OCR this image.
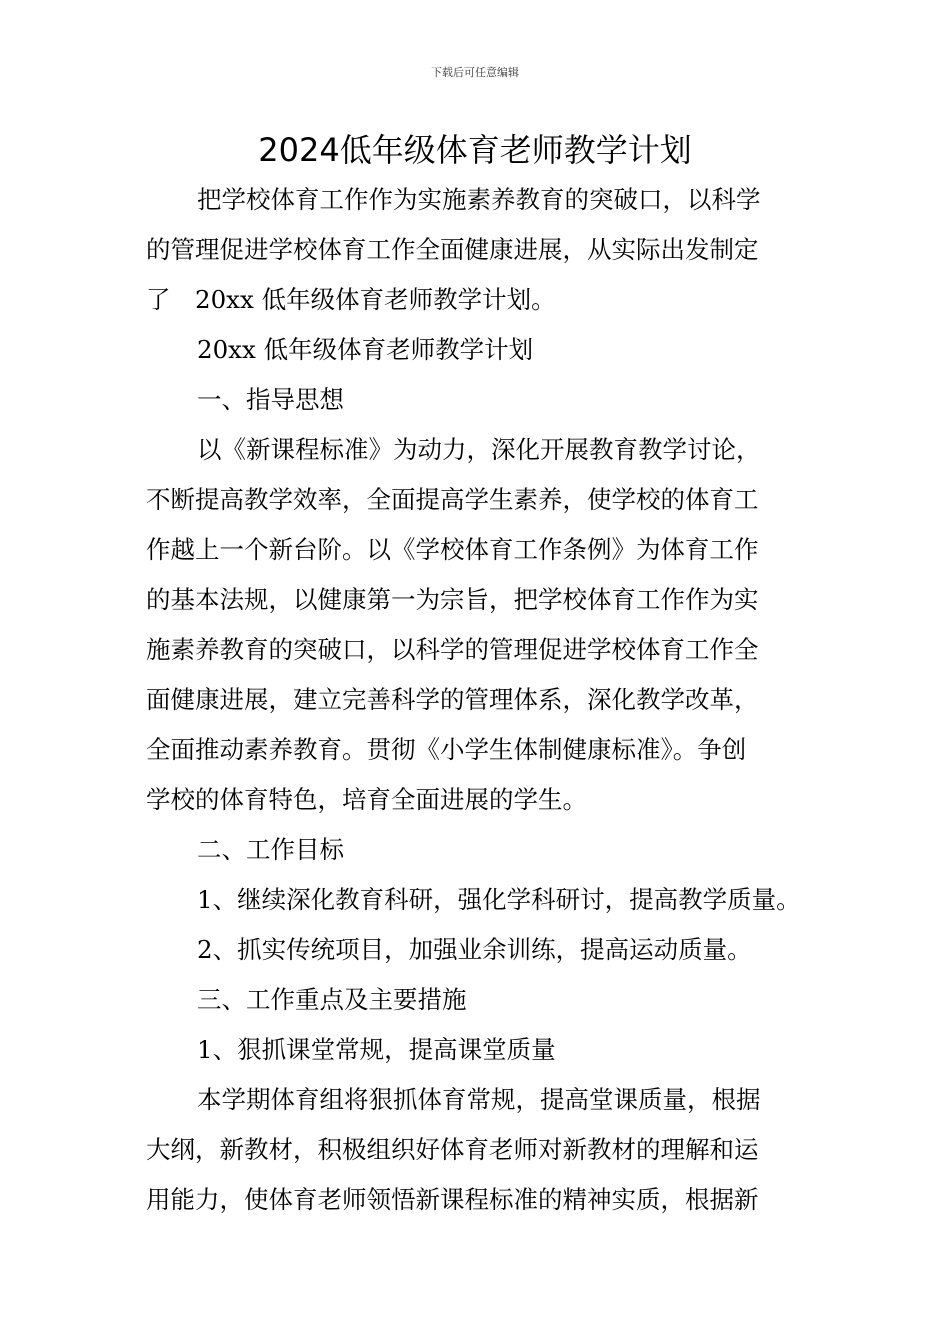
下载后可任意编辑
2024低年级体育老师教学计划

把学校体育工作作为实施素养教育的突破口，以科学
的管理促进学校体育工作全面健康进展，从实际出发制定
了　20xx 低年级体育老师教学计划。

20xx 低年级体育老师教学计划

一、指导思想

以《新课程标准》为动力，深化开展教育教学讨论，
不断提高教学效率，全面提高学生素养，使学校的体育工
作越上一个新台阶。以《学校体育工作条例》为体育工作
的基本法规，以健康第一为宗旨，把学校体育工作作为实
施素养教育的突破口，以科学的管理促进学校体育工作全
面健康进展，建立完善科学的管理体系，深化教学改革，
全面推动素养教育。贯彻《小学生体制健康标准》。争创
学校的体育特色，培育全面进展的学生。

二、工作目标

1、继续深化教育科研，强化学科研讨，提高教学质量。

2、抓实传统项目，加强业余训练，提高运动质量。

三、工作重点及主要措施

1、狠抓课堂常规，提高课堂质量

本学期体育组将狠抓体育常规，提高堂课质量，根据
大纲，新教材，积极组织好体育老师对新教材的理解和运
用能力，使体育老师领悟新课程标准的精神实质，根据新
